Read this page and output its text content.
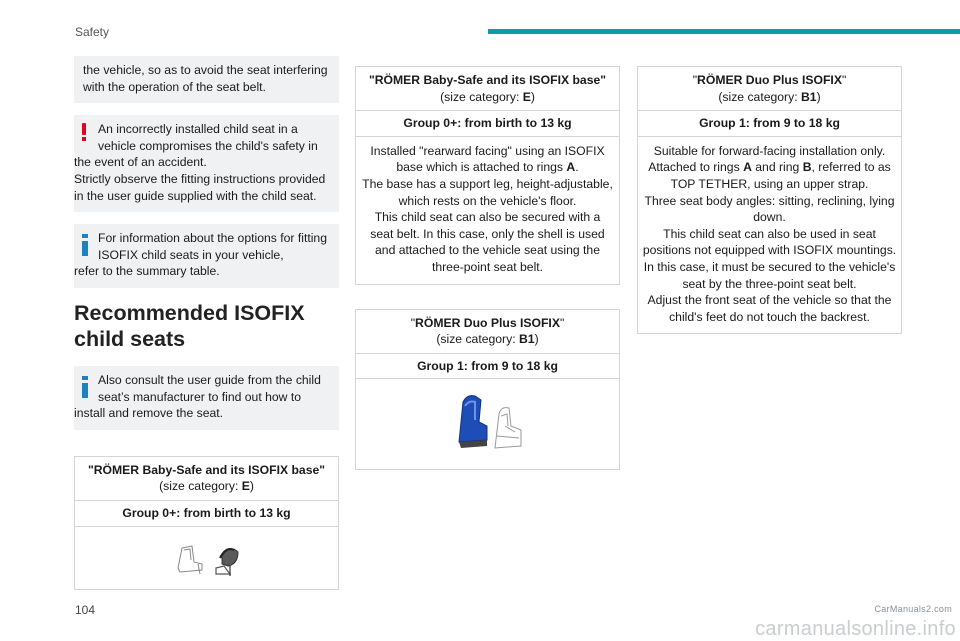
Safety

the vehicle, so as to avoid the seat interfering with the operation of the seat belt.

An incorrectly installed child seat in a vehicle compromises the child's safety in
the event of an accident.
Strictly observe the fitting instructions provided in the user guide supplied with the child seat.
For information about the options for fitting ISOFIX child seats in your vehicle,
refer to the summary table.
Recommended ISOFIX child seats
Also consult the user guide from the child seat’s manufacturer to find out how to
install and remove the seat.
"RÖMER Baby-Safe and its ISOFIX base"
(size category: E)
Group 0+: from birth to 13 kg
"RÖMER Baby-Safe and its ISOFIX base"
(size category: E)
Group 0+: from birth to 13 kg
Installed "rearward facing" using an ISOFIX base which is attached to rings A.
The base has a support leg, height-adjustable, which rests on the vehicle's floor.
This child seat can also be secured with a seat belt. In this case, only the shell is used and attached to the vehicle seat using the three-point seat belt.
"RÖMER Duo Plus ISOFIX"
(size category: B1)
Group 1: from 9 to 18 kg
"RÖMER Duo Plus ISOFIX"
(size category: B1)
Group 1: from 9 to 18 kg
Suitable for forward-facing installation only.
Attached to rings A and ring B, referred to as TOP TETHER, using an upper strap.
Three seat body angles: sitting, reclining, lying down.
This child seat can also be used in seat positions not equipped with ISOFIX mountings. In this case, it must be secured to the vehicle's seat by the three-point seat belt.
Adjust the front seat of the vehicle so that the child's feet do not touch the backrest.
104	CarManuals2.com
carmanualsonline.info
